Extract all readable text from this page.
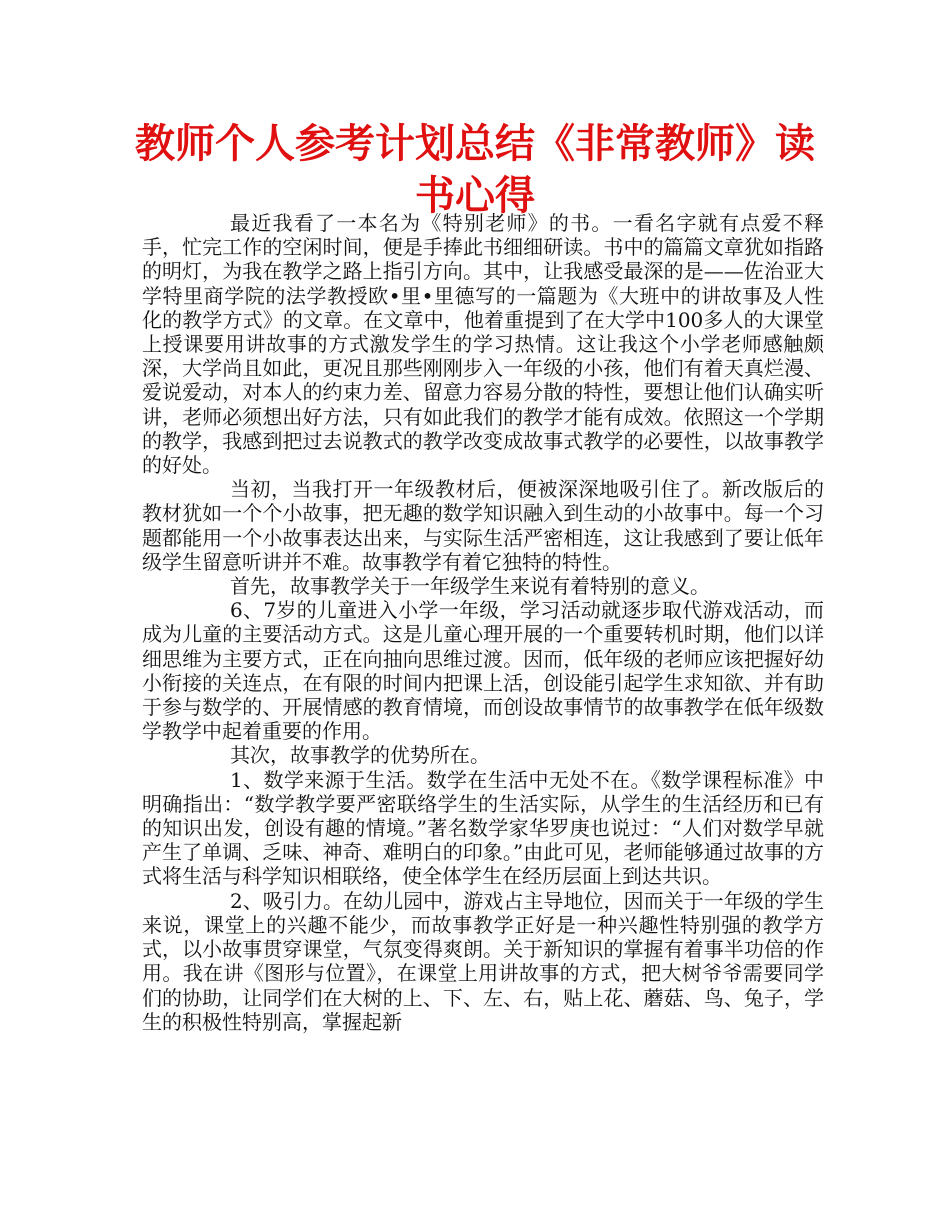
教师个人参考计划总结《非常教师》读书心得

最近我看了一本名为《特别老师》的书。一看名字就有点爱不释手，忙完工作的空闲时间，便是手捧此书细细研读。书中的篇篇文章犹如指路的明灯，为我在教学之路上指引方向。其中，让我感受最深的是——佐治亚大学特里商学院的法学教授欧•里•里德写的一篇题为《大班中的讲故事及人性化的教学方式》的文章。在文章中，他着重提到了在大学中100多人的大课堂上授课要用讲故事的方式激发学生的学习热情。这让我这个小学老师感触颇深，大学尚且如此，更况且那些刚刚步入一年级的小孩，他们有着天真烂漫、爱说爱动，对本人的约束力差、留意力容易分散的特性，要想让他们认确实听讲，老师必须想出好方法，只有如此我们的教学才能有成效。依照这一个学期的教学，我感到把过去说教式的教学改变成故事式教学的必要性，以故事教学的好处。

当初，当我打开一年级教材后，便被深深地吸引住了。新改版后的教材犹如一个个小故事，把无趣的数学知识融入到生动的小故事中。每一个习题都能用一个小故事表达出来，与实际生活严密相连，这让我感到了要让低年级学生留意听讲并不难。故事教学有着它独特的特性。

首先，故事教学关于一年级学生来说有着特别的意义。

6、7岁的儿童进入小学一年级，学习活动就逐步取代游戏活动，而成为儿童的主要活动方式。这是儿童心理开展的一个重要转机时期，他们以详细思维为主要方式，正在向抽向思维过渡。因而，低年级的老师应该把握好幼小衔接的关连点，在有限的时间内把课上活，创设能引起学生求知欲、并有助于参与数学的、开展情感的教育情境，而创设故事情节的故事教学在低年级数学教学中起着重要的作用。

其次，故事教学的优势所在。

1、数学来源于生活。数学在生活中无处不在。《数学课程标准》中明确指出：“数学教学要严密联络学生的生活实际，从学生的生活经历和已有的知识出发，创设有趣的情境。”著名数学家华罗庚也说过：“人们对数学早就产生了单调、乏味、神奇、难明白的印象。”由此可见，老师能够通过故事的方式将生活与科学知识相联络，使全体学生在经历层面上到达共识。

2、吸引力。在幼儿园中，游戏占主导地位，因而关于一年级的学生来说，课堂上的兴趣不能少，而故事教学正好是一种兴趣性特别强的教学方式，以小故事贯穿课堂，气氛变得爽朗。关于新知识的掌握有着事半功倍的作用。我在讲《图形与位置》，在课堂上用讲故事的方式，把大树爷爷需要同学们的协助，让同学们在大树的上、下、左、右，贴上花、蘑菇、鸟、兔子，学生的积极性特别高，掌握起新
